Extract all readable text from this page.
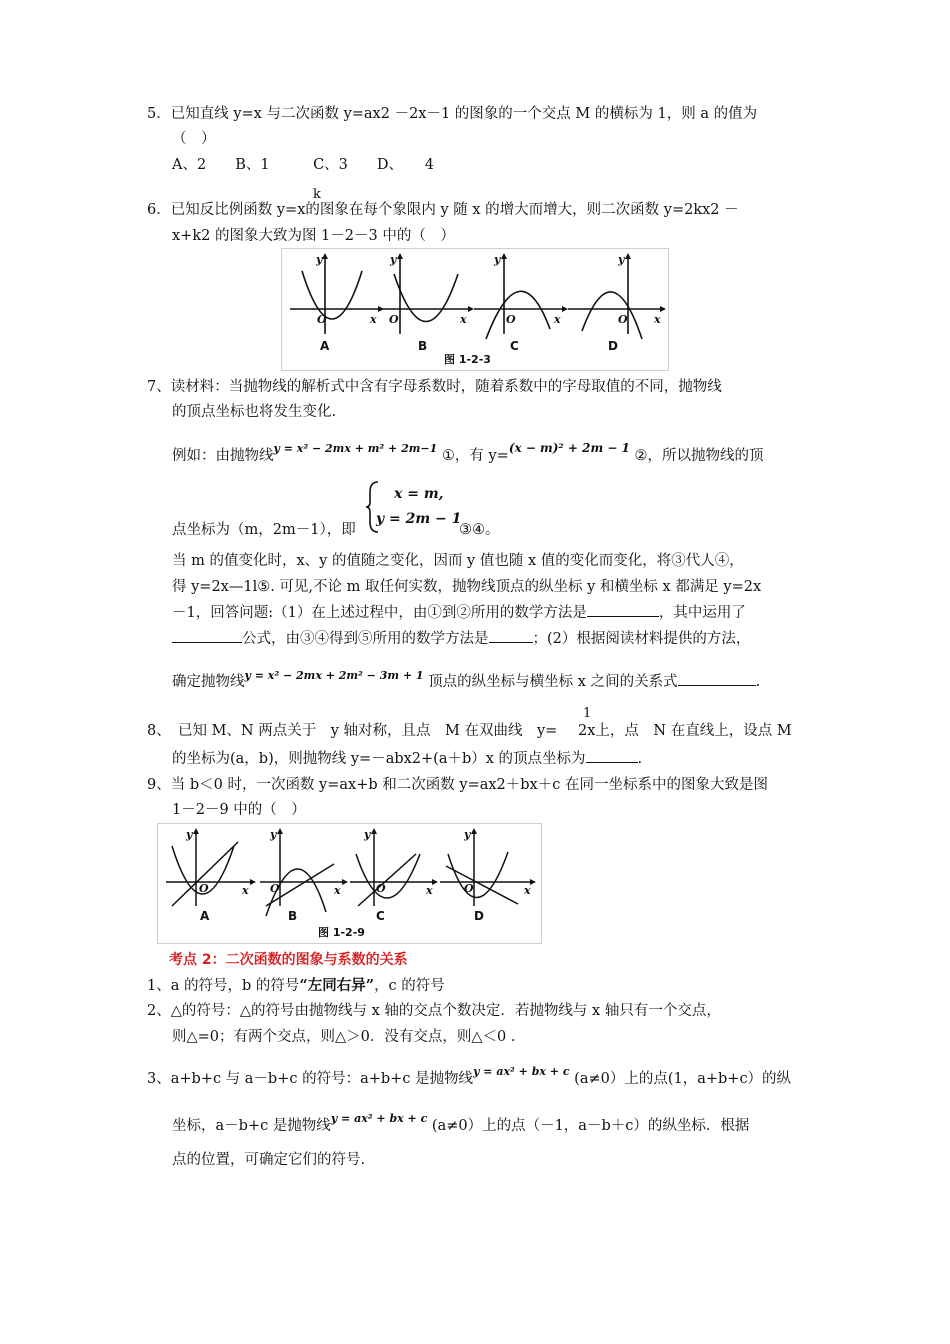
5．已知直线 y=x 与二次函数 y=ax2 －2x－1 的图象的一个交点 M 的横标为 1，则 a 的值为
（　）
A、2　　B、1　　　C、3　　D、　　4
k
6．已知反比例函数 y=x的图象在每个象限内 y 随 x 的增大而增大，则二次函数 y=2kx2 －
x+k2 的图象大致为图 1－2－3 中的（　）
y
x
O
y
x
O
y
x
O
y
x
O
A	B	C	D
图 1-2-3
7、读材料：当抛物线的解析式中含有字母系数时，随着系数中的字母取值的不同，抛物线
的顶点坐标也将发生变化.
例如：由抛物线$^{y = x^2 - 2mx + m^2 + 2m-1}$ ①，有 y=$^{(x - m)^2 + 2m - 1}$ ②，所以抛物线的顶
x = m,
y = 2m − 1
点坐标为（m，2m－1），即	③④。
当 m 的值变化时，x、y 的值随之变化，因而 y 值也随 x 值的变化而变化，将③代人④，
得 y=2x—1l⑤. 可见,不论 m 取任何实数，抛物线顶点的纵坐标 y 和横坐标 x 都满足 y=2x
－1，回答问题:（1）在上述过程中，由①到②所用的数学方法是	，其中运用了
公式，由③④得到⑤所用的数学方法是	；(2）根据阅读材料提供的方法，
确定抛物线$^{y = x^2 - 2mx + 2m^2 - 3m + 1}$ 顶点的纵坐标与横坐标 x 之间的关系式	.
1
8、　已知 M、N 两点关于　y 轴对称，且点　M 在双曲线　y= 2x上，点　N 在直线上，设点 M
的坐标为(a，b)，则抛物线 y=－abx2+(a＋b）x 的顶点坐标为	.
9、当 b＜0 时，一次函数 y=ax+b 和二次函数 y=ax2＋bx＋c 在同一坐标系中的图象大致是图
1－2－9 中的（　）
y
x
O
y
x
O
y
x
O
y
x
O
A	B	C	D
图 1-2-9
考点 2：二次函数的图象与系数的关系
1、a 的符号，b 的符号“左同右异”，c 的符号
2、△的符号：△的符号由抛物线与 x 轴的交点个数决定．若抛物线与 x 轴只有一个交点，
则△=0；有两个交点，则△＞0．没有交点，则△＜0 .
3、a+b+c 与 a－b+c 的符号：a+b+c 是抛物线$^{y = ax^2 + bx + c}$ (a≠0）上的点(1，a+b+c）的纵
坐标，a－b+c 是抛物线$^{y = ax^2 + bx + c}$ (a≠0）上的点（－1，a－b＋c）的纵坐标．根据
点的位置，可确定它们的符号.
